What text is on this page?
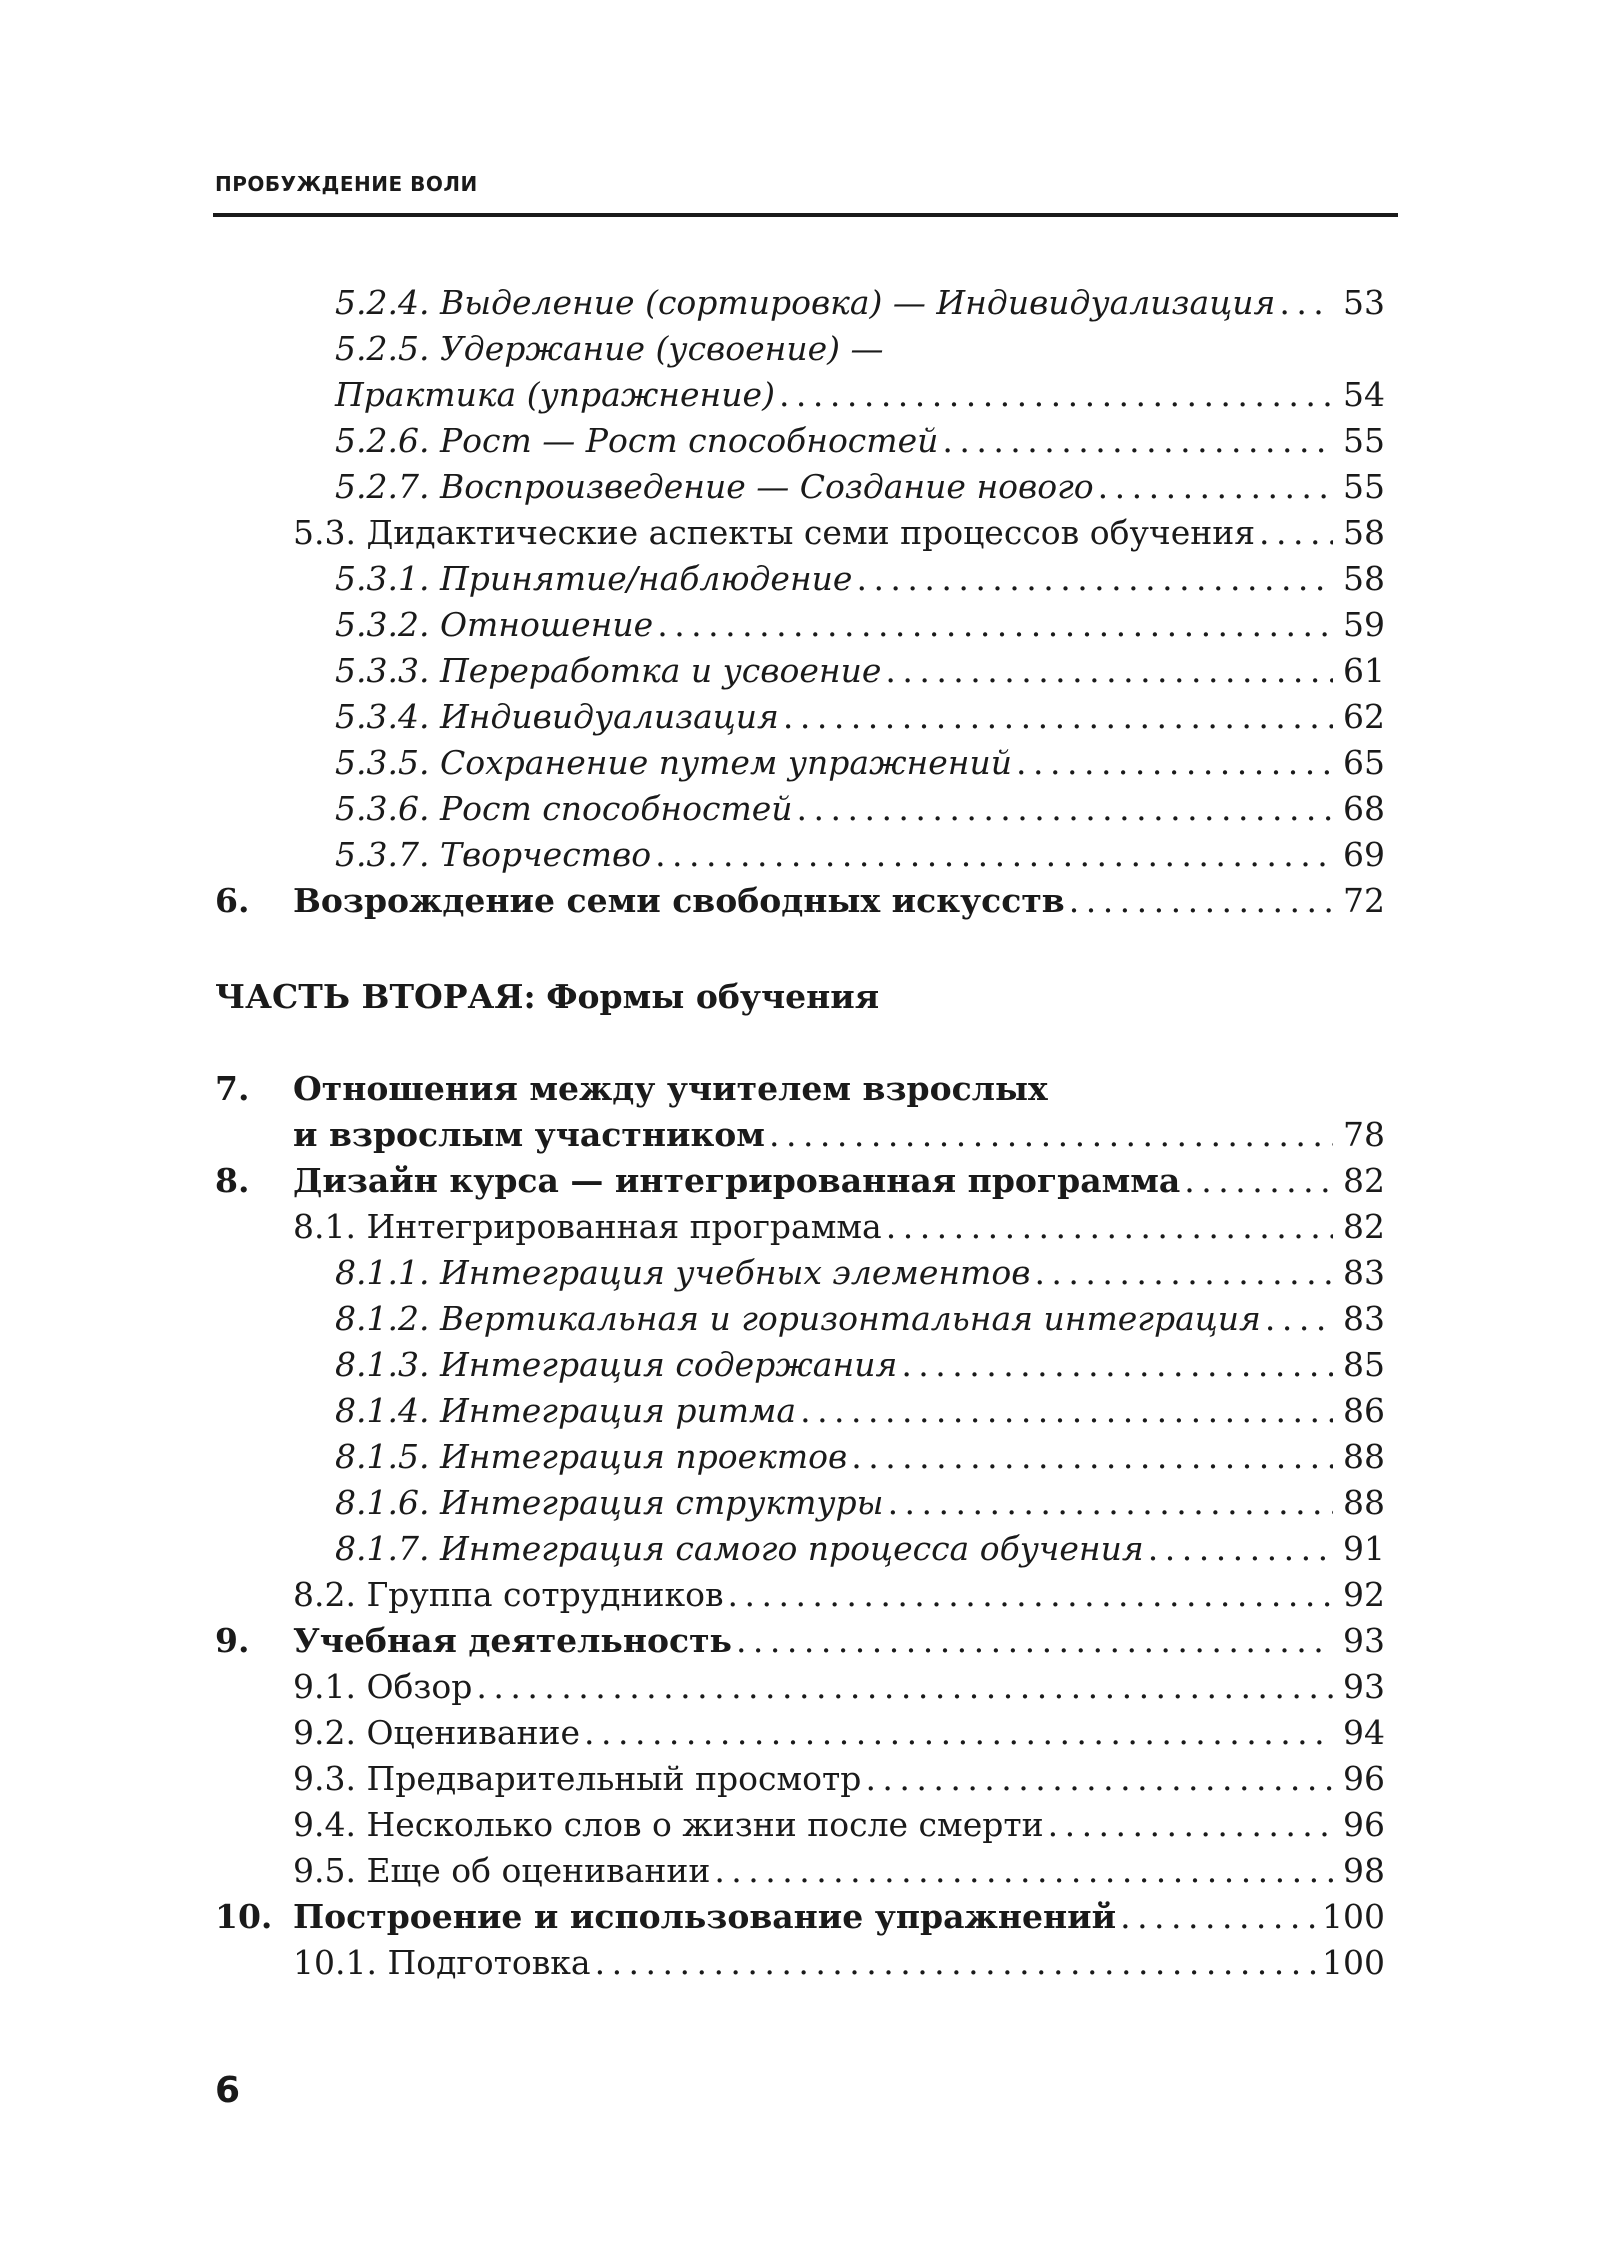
ПРОБУЖДЕНИЕ ВОЛИ
5.2.4. Выделение (сортировка) — Индивидуализация . . . 53
5.2.5. Удержание (усвоение) —
Практика (упражнение) . . .	54
5.2.6. Рост — Рост способностей . . .	55
5.2.7. Воспроизведение — Создание нового . . .	55
5.3. Дидактические аспекты семи процессов обучения . . .	58
5.3.1. Принятие/наблюдение . . .	58
5.3.2. Отношение . . .	59
5.3.3. Переработка и усвоение . . .	61
5.3.4. Индивидуализация . . .	62
5.3.5. Сохранение путем упражнений . . .	65
5.3.6. Рост способностей . . .	68
5.3.7. Творчество . . .	69
6.	Возрождение семи свободных искусств . . .	72
ЧАСТЬ ВТОРАЯ: Формы обучения
7.	Отношения между учителем взрослых
и взрослым участником . . .	78
8.	Дизайн курса — интегрированная программа . . .	82
8.1. Интегрированная программа . . .	82
8.1.1. Интеграция учебных элементов . . .	83
8.1.2. Вертикальная и горизонтальная интеграция . . . 83
8.1.3. Интеграция содержания . . .	85
8.1.4. Интеграция ритма . . .	86
8.1.5. Интеграция проектов . . .	88
8.1.6. Интеграция структуры . . .	88
8.1.7. Интеграция самого процесса обучения . . .	91
8.2. Группа сотрудников . . .	92
9.	Учебная деятельность . . .	93
9.1. Обзор . . .	93
9.2. Оценивание . . .	94
9.3. Предварительный просмотр . . .	96
9.4. Несколько слов о жизни после смерти . . .	96
9.5. Еще об оценивании . . .	98
10. Построение и использование упражнений . . .	100
10.1. Подготовка . . .	100
6
